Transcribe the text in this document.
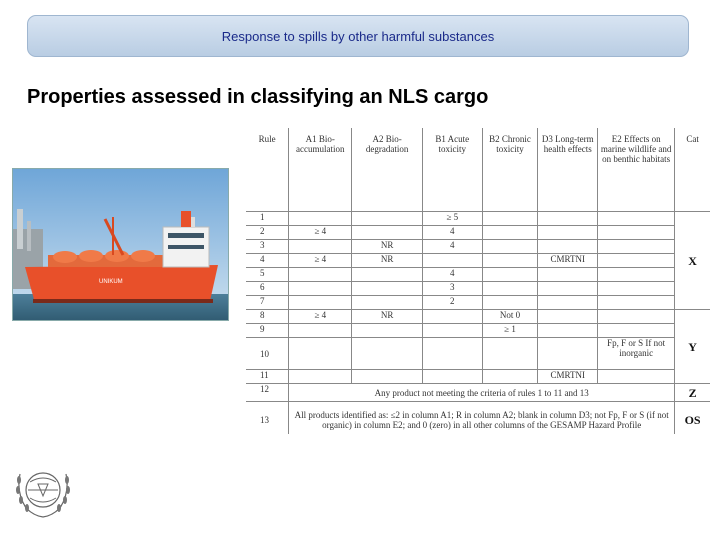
Response to spills by other harmful substances
Properties assessed in classifying an NLS cargo
UNIKUM
Rule	A1 Bio-accumulation	A2 Bio-degradation	B1 Acute toxicity	B2 Chronic toxicity	D3 Long-term health effects	E2 Effects on marine wildlife and on benthic habitats	Cat
1			≥ 5				X
2	≥ 4		4				
3		NR	4				
4	≥ 4	NR			CMRTNI		
5			4				
6			3				
7			2				
8	≥ 4	NR		Not 0			Y
9				≥ 1			
10						Fp, F or S If not inorganic	
11					CMRTNI		
12	Any product not meeting the criteria of rules 1 to 11 and 13						Z
13	All products identified as: ≤2 in column A1; R in column A2; blank in column D3; not Fp, F or S (if not organic) in column E2; and 0 (zero) in all other columns of the GESAMP Hazard Profile						OS
